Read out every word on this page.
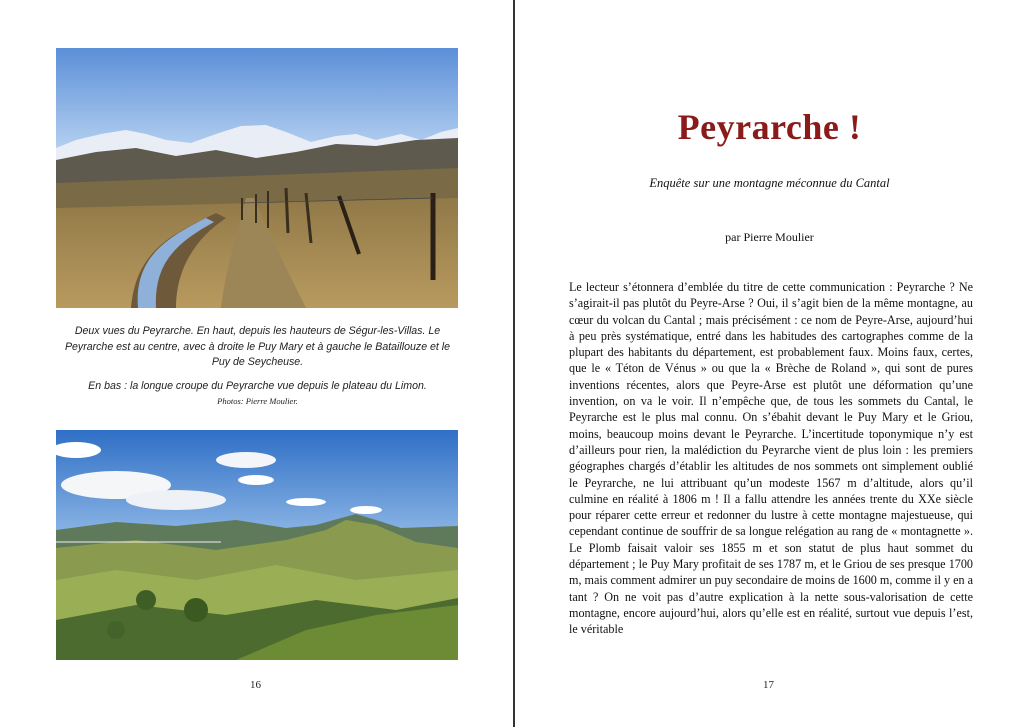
Deux vues du Peyrarche. En haut, depuis les hauteurs de Ségur-les-Villas. Le Peyrarche est au centre, avec à droite le Puy Mary et à gauche le Bataillouze et le Puy de Seycheuse.

En bas : la longue croupe du Peyrarche vue depuis le plateau du Limon.

Photos: Pierre Moulier.

16
Peyrarche !
Enquête sur une montagne méconnue du Cantal
par Pierre Moulier

Le lecteur s’étonnera d’emblée du titre de cette communication : Peyrarche ? Ne s’agirait-il pas plutôt du Peyre-Arse ? Oui, il s’agit bien de la même montagne, au cœur du volcan du Cantal ; mais précisément : ce nom de Peyre-Arse, aujourd’hui à peu près systématique, entré dans les habitudes des cartographes comme de la plupart des habitants du département, est probablement faux. Moins faux, certes, que le « Téton de Vénus » ou que la « Brèche de Roland », qui sont de pures inventions récentes, alors que Peyre-Arse est plutôt une déformation qu’une invention, on va le voir. Il n’empêche que, de tous les sommets du Cantal, le Peyrarche est le plus mal connu. On s’ébahit devant le Puy Mary et le Griou, moins, beaucoup moins devant le Peyrarche. L’incertitude toponymique n’y est d’ailleurs pour rien, la malédiction du Peyrarche vient de plus loin : les premiers géographes chargés d’établir les altitudes de nos sommets ont simplement oublié le Peyrarche, ne lui attribuant qu’un modeste 1567 m d’altitude, alors qu’il culmine en réalité à 1806 m ! Il a fallu attendre les années trente du XXe siècle pour réparer cette erreur et redonner du lustre à cette montagne majestueuse, qui cependant continue de souffrir de sa longue relégation au rang de « montagnette ». Le Plomb faisait valoir ses 1855 m et son statut de plus haut sommet du département ; le Puy Mary profitait de ses 1787 m, et le Griou de ses presque 1700 m, mais comment admirer un puy secondaire de moins de 1600 m, comme il y en a tant ? On ne voit pas d’autre explication à la nette sous-valorisation de cette montagne, encore aujourd’hui, alors qu’elle est en réalité, surtout vue depuis l’est, le véritable

17
